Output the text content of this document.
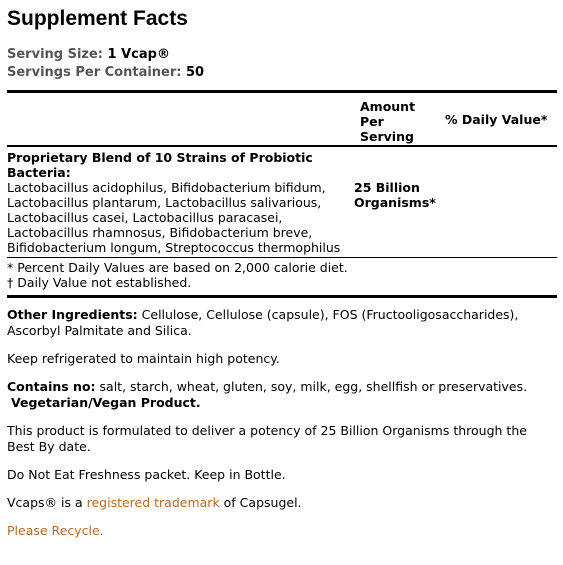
Supplement Facts
Serving Size: 1 Vcap®
Servings Per Container: 50
Amount
Per
Serving
% Daily Value*
Proprietary Blend of 10 Strains of Probiotic
Bacteria:
Lactobacillus acidophilus, Bifidobacterium bifidum,
Lactobacillus plantarum, Lactobacillus salivarious,
Lactobacillus casei, Lactobacillus paracasei,
Lactobacillus rhamnosus, Bifidobacterium breve,
Bifidobacterium longum, Streptococcus thermophilus
25 Billion
Organisms*
* Percent Daily Values are based on 2,000 calorie diet.
† Daily Value not established.
Other Ingredients: Cellulose, Cellulose (capsule), FOS (Fructooligosaccharides), Ascorbyl Palmitate and Silica.
Keep refrigerated to maintain high potency.
Contains no: salt, starch, wheat, gluten, soy, milk, egg, shellfish or preservatives.
Vegetarian/Vegan Product.
This product is formulated to deliver a potency of 25 Billion Organisms through the Best By date.
Do Not Eat Freshness packet. Keep in Bottle.
Vcaps® is a registered trademark of Capsugel.
Please Recycle.
